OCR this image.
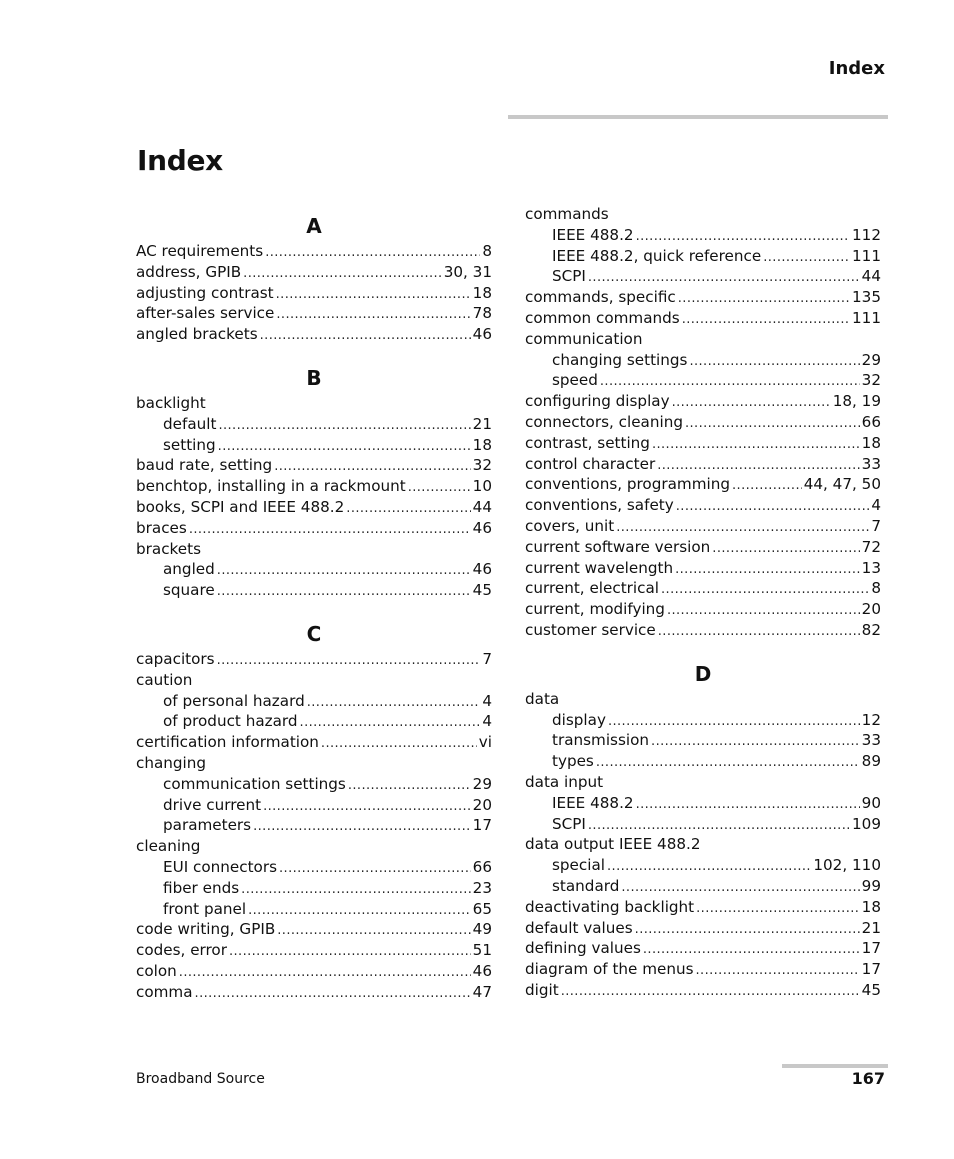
Index
Index
A
AC requirements .....	8
address, GPIB .....	30, 31
adjusting contrast .....	18
after-sales service .....	78
angled brackets .....	46
B
backlight
default .....	21
setting .....	18
baud rate, setting .....	32
benchtop, installing in a rackmount .....	10
books, SCPI and IEEE 488.2 .....	44
braces .....	46
brackets
angled .....	46
square .....	45
C
capacitors .....	7
caution
of personal hazard .....	4
of product hazard .....	4
certification information .....	vi
changing
communication settings .....	29
drive current .....	20
parameters .....	17
cleaning
EUI connectors .....	66
fiber ends .....	23
front panel .....	65
code writing, GPIB .....	49
codes, error .....	51
colon .....	46
comma .....	47
commands
IEEE 488.2 .....	112
IEEE 488.2, quick reference .....	111
SCPI .....	44
commands, specific .....	135
common commands .....	111
communication
changing settings .....	29
speed .....	32
configuring display .....	18, 19
connectors, cleaning .....	66
contrast, setting .....	18
control character .....	33
conventions, programming .....	44, 47, 50
conventions, safety .....	4
covers, unit .....	7
current software version .....	72
current wavelength .....	13
current, electrical .....	8
current, modifying .....	20
customer service .....	82
D
data
display .....	12
transmission .....	33
types .....	89
data input
IEEE 488.2 .....	90
SCPI .....	109
data output IEEE 488.2
special .....	102, 110
standard .....	99
deactivating backlight .....	18
default values .....	21
defining values .....	17
diagram of the menus .....	17
digit .....	45
Broadband Source	167
